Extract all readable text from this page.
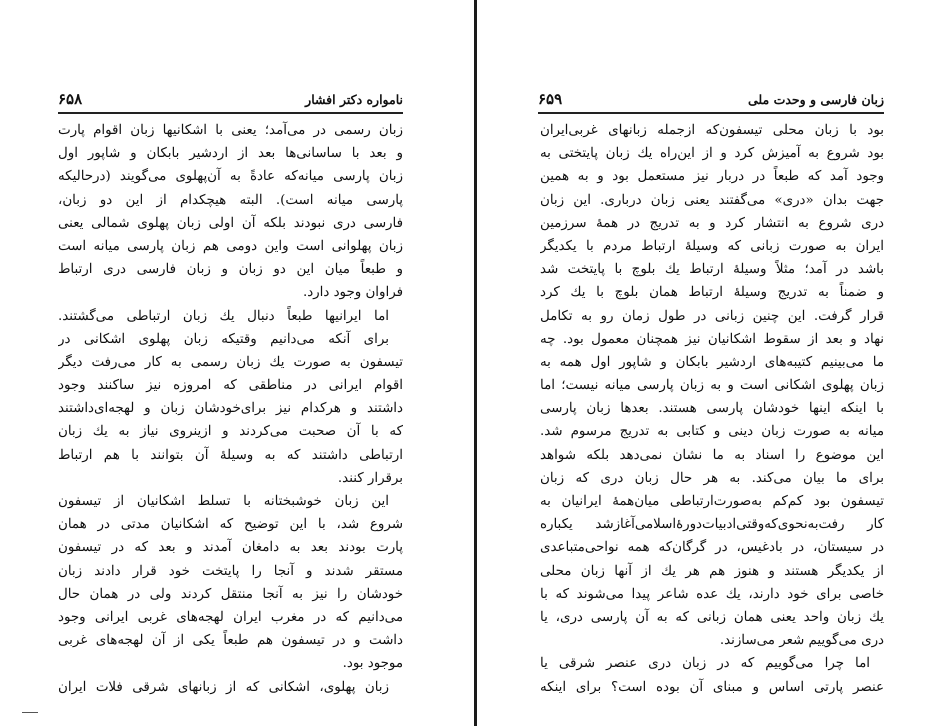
نامواره دکتر افشار
۶۵۸
زبان رسمی در می‌آمد؛ یعنی با اشکانیها زبان اقوام پارت
و بعد با ساسانی‌ها بعد از اردشیر بابکان و شاپور اول
زبان پارسی میانه‌که عادةً به آن‌پهلوی می‌گویند (درحالیکه
پارسی میانه است). البته هیچکدام از این دو زبان،
فارسی دری نبودند بلکه آن اولی زبان پهلوی شمالی یعنی
زبان پهلوانی است واین دومی هم زبان پارسی میانه است
و طبعاً میان این دو زبان و زبان فارسی دری ارتباط
فراوان وجود دارد.
اما ایرانیها طبعاً دنبال یك زبان ارتباطی می‌گشتند.
برای آنکه می‌دانیم وقتیکه زبان پهلوی اشکانی در
تیسفون به صورت یك زبان رسمی به کار می‌رفت دیگر
اقوام ایرانی در مناطقی که امروزه نیز ساکنند وجود
داشتند و هرکدام نیز برای‌خودشان زبان و لهجه‌ای‌داشتند
که با آن صحبت می‌کردند و ازینروی نیاز به یك زبان
ارتباطی داشتند که به وسیلهٔ آن بتوانند با هم ارتباط
برقرار کنند.
این زبان خوشبختانه با تسلط اشکانیان از تیسفون
شروع شد، با این توضیح که اشکانیان مدتی در همان
پارت بودند بعد به دامغان آمدند و بعد که در تیسفون
مستقر شدند و آنجا را پایتخت خود قرار دادند زبان
خودشان را نیز به آنجا منتقل کردند ولی در همان حال
می‌دانیم که در مغرب ایران لهجه‌های غربی ایرانی وجود
داشت و در تیسفون هم طبعاً یکی از آن لهجه‌های غربی
موجود بود.
زبان پهلوی، اشکانی که از زبانهای شرقی فلات ایران
زبان فارسی و وحدت ملی
۶۵۹
بود با زبان محلی تیسفون‌که ازجمله زبانهای غربی‌ایران
بود شروع به آمیزش کرد و از این‌راه یك زبان پایتختی به
وجود آمد که طبعاً در دربار نیز مستعمل بود و به همین
جهت بدان «دری» می‌گفتند یعنی زبان درباری. این زبان
دری شروع به انتشار کرد و به تدریج در همهٔ سرزمین
ایران به صورت زبانی که وسیلهٔ ارتباط مردم با یکدیگر
باشد در آمد؛ مثلاً وسیلهٔ ارتباط یك بلوچ با پایتخت شد
و ضمناً به تدریج وسیلهٔ ارتباط همان بلوچ با یك کرد
قرار گرفت. این چنین زبانی در طول زمان رو به تکامل
نهاد و بعد از سقوط اشکانیان نیز همچنان معمول بود. چه
ما می‌بینیم کتیبه‌های اردشیر بابکان و شاپور اول همه به
زبان پهلوی اشکانی است و به زبان پارسی میانه نیست؛ اما
با اینکه اینها خودشان پارسی هستند. بعدها زبان پارسی
میانه به صورت زبان دینی و کتابی به تدریج مرسوم شد.
این موضوع را اسناد به ما نشان نمی‌دهد بلکه شواهد
برای ما بیان می‌کند. به هر حال زبان دری که زبان
تیسفون بود کم‌کم به‌صورت‌ارتباطی میان‌همهٔ ایرانیان به
کار رفت‌به‌نحوی‌که‌وقتی‌ادبیات‌دورهٔ‌اسلامی‌آغازشد یکباره
در سیستان، در بادغیس، در گرگان‌که همه نواحی‌متباعدی
از یکدیگر هستند و هنوز هم هر یك از آنها زبان محلی
خاصی برای خود دارند، یك عده شاعر پیدا می‌شوند که با
یك زبان واحد یعنی همان زبانی که به آن پارسی دری، یا
دری می‌گوییم شعر می‌سازند.
اما چرا می‌گوییم که در زبان دری عنصر شرقی یا
عنصر پارتی اساس و مبنای آن بوده است؟ برای اینکه
